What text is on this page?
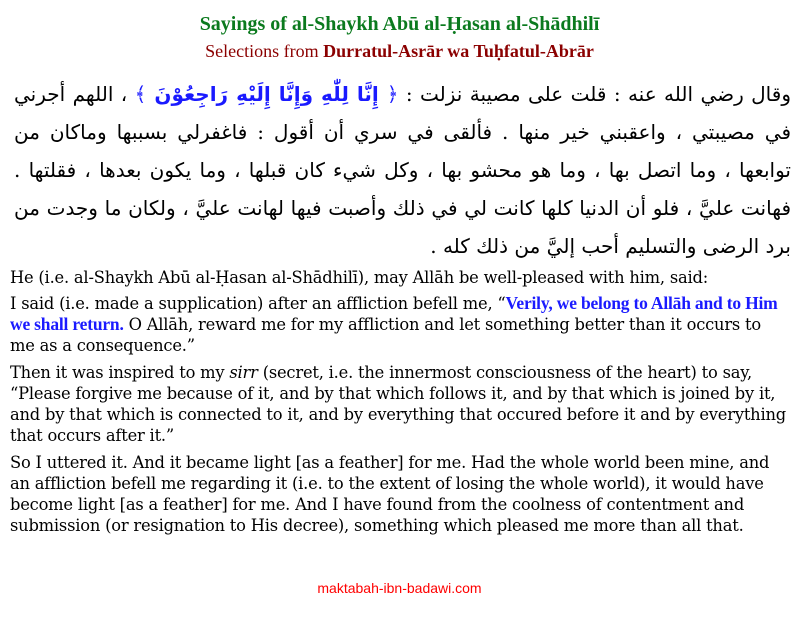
Sayings of al-Shaykh Abū al-Ḥasan al-Shādhilī
Selections from Durratul-Asrār wa Tuḥfatul-Abrār
وقال رضي الله عنه : قلت على مصيبة نزلت : ﴿ إِنَّا لِلّٰهِ وَإِنَّا إِلَيْهِ رَاجِعُوْنَ ﴾ ، اللهم أجرني في مصيبتي ، واعقبني خير منها . فألقى في سري أن أقول : فاغفرلي بسببها وماكان من توابعها ، وما اتصل بها ، وما هو محشو بها ، وكل شيء كان قبلها ، وما يكون بعدها ، فقلتها . فهانت عليَّ ، فلو أن الدنيا كلها كانت لي في ذلك وأصبت فيها لهانت عليَّ ، ولكان ما وجدت من برد الرضى والتسليم أحب إليَّ من ذلك كله .

He (i.e. al-Shaykh Abū al-Ḥasan al-Shādhilī), may Allāh be well-pleased with him, said:

I said (i.e. made a supplication) after an affliction befell me, “Verily, we belong to Allāh and to Him we shall return. O Allāh, reward me for my affliction and let something better than it occurs to me as a consequence.”

Then it was inspired to my sirr (secret, i.e. the innermost consciousness of the heart) to say, “Please forgive me because of it, and by that which follows it, and by that which is joined by it, and by that which is connected to it, and by everything that occured before it and by everything that occurs after it.”

So I uttered it. And it became light [as a feather] for me. Had the whole world been mine, and an affliction befell me regarding it (i.e. to the extent of losing the whole world), it would have become light [as a feather] for me. And I have found from the coolness of contentment and submission (or resignation to His decree), something which pleased me more than all that.

maktabah-ibn-badawi.com
